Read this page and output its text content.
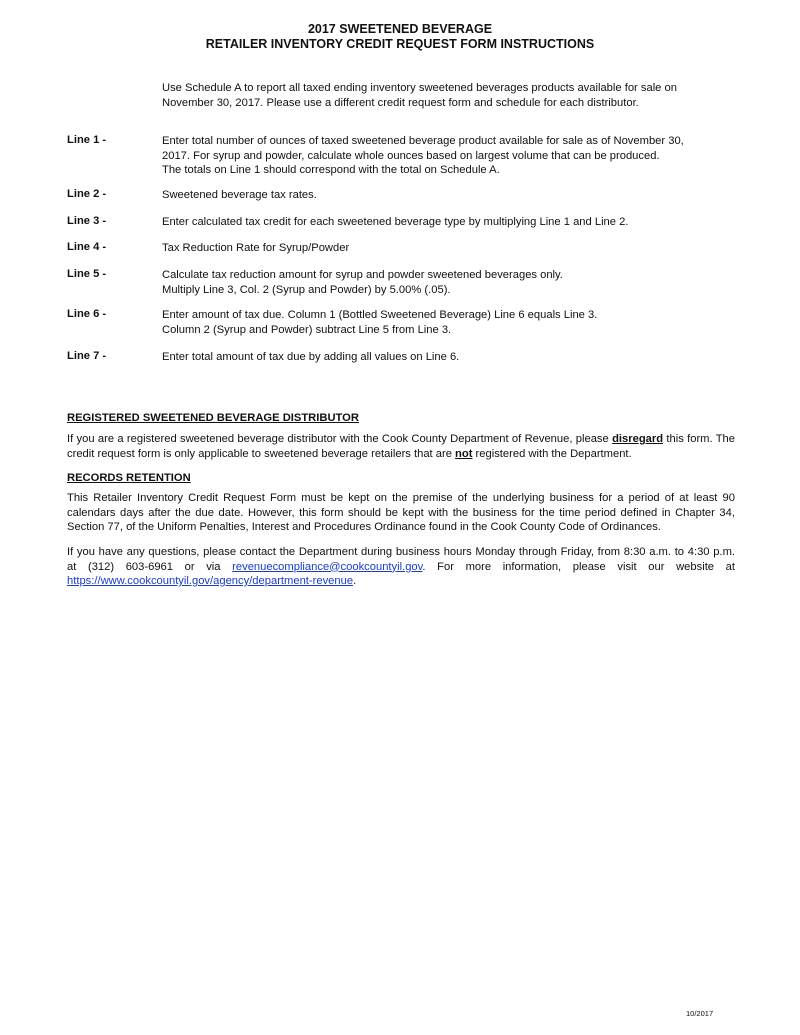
2017 SWEETENED BEVERAGE
RETAILER INVENTORY CREDIT REQUEST FORM INSTRUCTIONS
Use Schedule A to report all taxed ending inventory sweetened beverages products available for sale on November 30, 2017. Please use a different credit request form and schedule for each distributor.
Line 1 -	Enter total number of ounces of taxed sweetened beverage product available for sale as of November 30,
2017. For syrup and powder, calculate whole ounces based on largest volume that can be produced.
The totals on Line 1 should correspond with the total on Schedule A.
Line 2 -	Sweetened beverage tax rates.
Line 3 -	Enter calculated tax credit for each sweetened beverage type by multiplying Line 1 and Line 2.
Line 4 -	Tax Reduction Rate for Syrup/Powder
Line 5 -	Calculate tax reduction amount for syrup and powder sweetened beverages only.
Multiply Line 3, Col. 2 (Syrup and Powder) by 5.00% (.05).
Line 6 -	Enter amount of tax due. Column 1 (Bottled Sweetened Beverage) Line 6 equals Line 3.
Column 2 (Syrup and Powder) subtract Line 5 from Line 3.
Line 7 -	Enter total amount of tax due by adding all values on Line 6.
REGISTERED SWEETENED BEVERAGE DISTRIBUTOR
If you are a registered sweetened beverage distributor with the Cook County Department of Revenue, please disregard this form. The credit request form is only applicable to sweetened beverage retailers that are not registered with the Department.
RECORDS RETENTION
This Retailer Inventory Credit Request Form must be kept on the premise of the underlying business for a period of at least 90 calendars days after the due date. However, this form should be kept with the business for the time period defined in Chapter 34, Section 77, of the Uniform Penalties, Interest and Procedures Ordinance found in the Cook County Code of Ordinances.
If you have any questions, please contact the Department during business hours Monday through Friday, from 8:30 a.m. to 4:30 p.m. at (312) 603-6961 or via revenuecompliance@cookcountyil.gov. For more information, please visit our website at https://www.cookcountyil.gov/agency/department-revenue.
10/2017
